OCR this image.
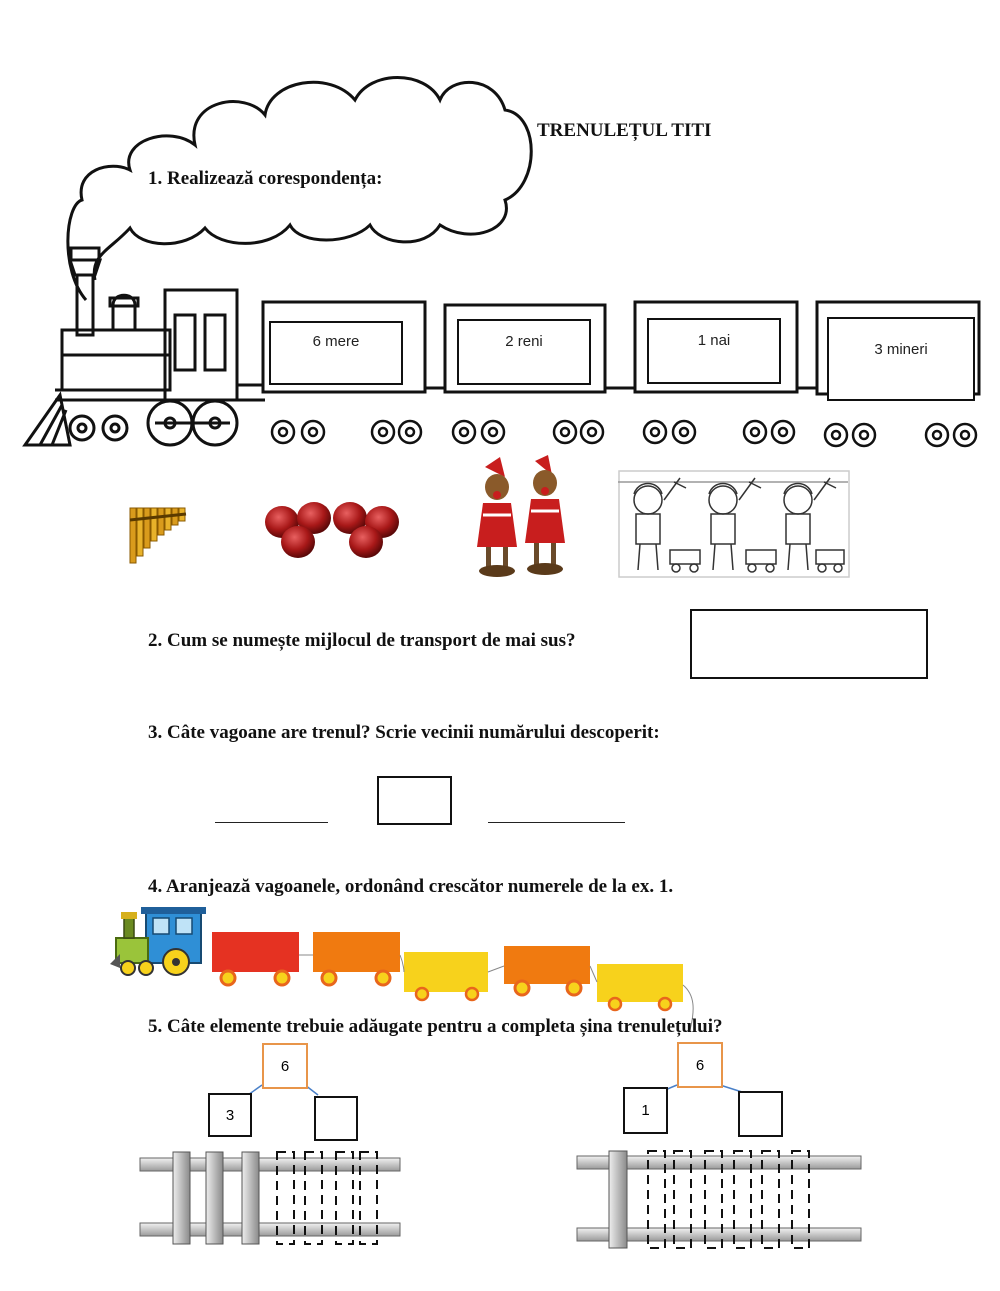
TRENULEȚUL TITI
1. Realizează corespondența:
6 mere	2 reni	1 nai
3 mineri
2. Cum se numește mijlocul de transport de mai sus?
3. Câte vagoane are trenul? Scrie vecinii numărului descoperit:
4. Aranjează vagoanele, ordonând crescător numerele de la ex. 1.
5. Câte elemente trebuie adăugate pentru a completa șina trenulețului?
6
3
6
1
